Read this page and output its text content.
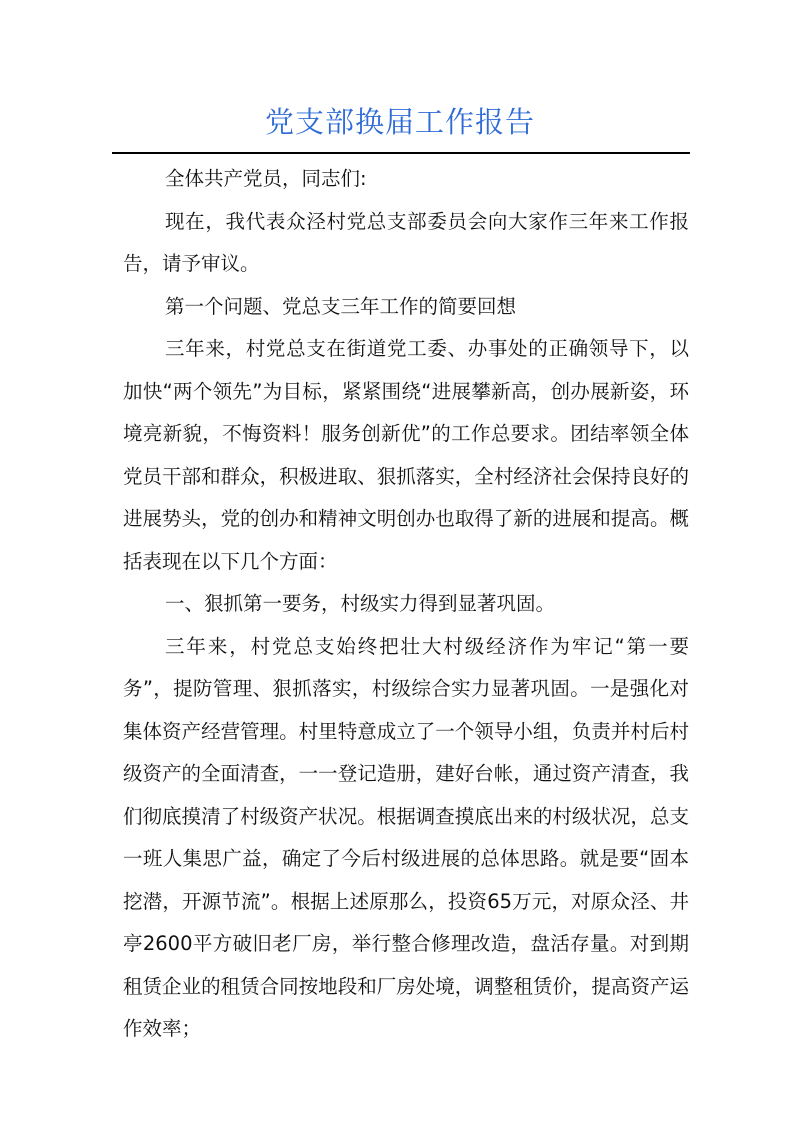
党支部换届工作报告

全体共产党员，同志们:

现在，我代表众泾村党总支部委员会向大家作三年来工作报告，请予审议。

第一个问题、党总支三年工作的简要回想

三年来，村党总支在街道党工委、办事处的正确领导下，以加快“两个领先”为目标，紧紧围绕“进展攀新高，创办展新姿，环境亮新貌，不悔资料！服务创新优”的工作总要求。团结率领全体党员干部和群众，积极进取、狠抓落实，全村经济社会保持良好的进展势头，党的创办和精神文明创办也取得了新的进展和提高。概括表现在以下几个方面：

一、狠抓第一要务，村级实力得到显著巩固。

三年来，村党总支始终把壮大村级经济作为牢记“第一要务”，提防管理、狠抓落实，村级综合实力显著巩固。一是强化对集体资产经营管理。村里特意成立了一个领导小组，负责并村后村级资产的全面清查，一一登记造册，建好台帐，通过资产清查，我们彻底摸清了村级资产状况。根据调查摸底出来的村级状况，总支一班人集思广益，确定了今后村级进展的总体思路。就是要“固本挖潜，开源节流”。根据上述原那么，投资65万元，对原众泾、井亭2600平方破旧老厂房，举行整合修理改造，盘活存量。对到期租赁企业的租赁合同按地段和厂房处境，调整租赁价，提高资产运作效率；
